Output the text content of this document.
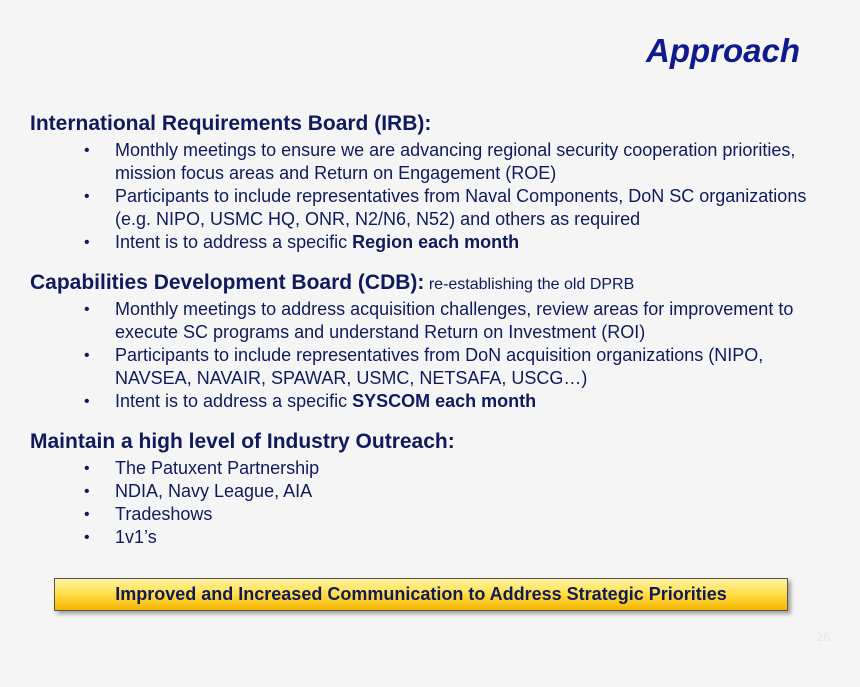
Approach
International Requirements Board (IRB):
• Monthly meetings to ensure we are advancing regional security cooperation priorities, mission focus areas and Return on Engagement (ROE)
• Participants to include representatives from Naval Components, DoN SC organizations (e.g. NIPO, USMC HQ, ONR, N2/N6, N52) and others as required
• Intent is to address a specific Region each month
Capabilities Development Board (CDB): re-establishing the old DPRB
• Monthly meetings to address acquisition challenges, review areas for improvement to execute SC programs and understand Return on Investment (ROI)
• Participants to include representatives from DoN acquisition organizations (NIPO, NAVSEA, NAVAIR, SPAWAR, USMC, NETSAFA, USCG…)
• Intent is to address a specific SYSCOM each month
Maintain a high level of Industry Outreach:
• The Patuxent Partnership
• NDIA, Navy League, AIA
• Tradeshows
• 1v1’s
Improved and Increased Communication to Address Strategic Priorities
26
